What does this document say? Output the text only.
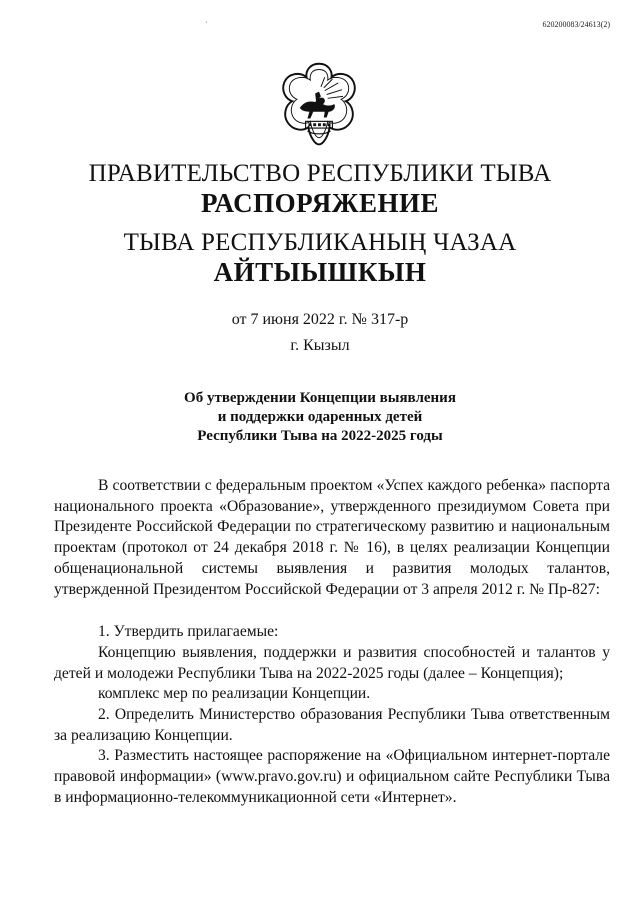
·	620200083/24613(2)
ПРАВИТЕЛЬСТВО РЕСПУБЛИКИ ТЫВА
РАСПОРЯЖЕНИЕ
ТЫВА РЕСПУБЛИКАНЫҢ ЧАЗАА
АЙТЫЫШКЫН
от 7 июня 2022 г. № 317-р
г. Кызыл
Об утверждении Концепции выявления
и поддержки одаренных детей
Республики Тыва на 2022-2025 годы

В соответствии с федеральным проектом «Успех каждого ребенка» паспорта национального проекта «Образование», утвержденного президиумом Совета при Президенте Российской Федерации по стратегическому развитию и национальным проектам (протокол от 24 декабря 2018 г. № 16), в целях реализации Концепции общенациональной системы выявления и развития молодых талантов, утвержденной Президентом Российской Федерации от 3 апреля 2012 г. № Пр-827:

1. Утвердить прилагаемые:

Концепцию выявления, поддержки и развития способностей и талантов у детей и молодежи Республики Тыва на 2022-2025 годы (далее – Концепция);

комплекс мер по реализации Концепции.

2. Определить Министерство образования Республики Тыва ответственным за реализацию Концепции.

3. Разместить настоящее распоряжение на «Официальном интернет-портале правовой информации» (www.pravo.gov.ru) и официальном сайте Республики Тыва в информационно-телекоммуникационной сети «Интернет».
